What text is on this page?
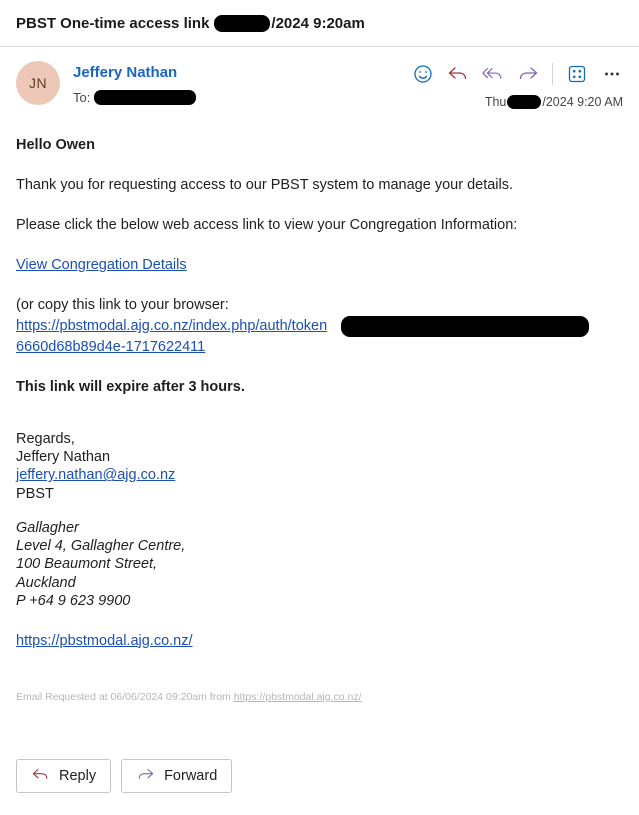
PBST One-time access link	/2024 9:20am
JN
Jeffery Nathan
To:	Thu	/2024 9:20 AM

Hello Owen

Thank you for requesting access to our PBST system to manage your details.

Please click the below web access link to view your Congregation Information:

View Congregation Details

(or copy this link to your browser:
https://pbstmodal.ajg.co.nz/index.php/auth/token
6660d68b89d4e-1717622411

This link will expire after 3 hours.

Regards,
Jeffery Nathan
jeffery.nathan@ajg.co.nz
PBST
Gallagher
Level 4, Gallagher Centre,
100 Beaumont Street,
Auckland
P +64 9 623 9900
https://pbstmodal.ajg.co.nz/
Email Requested at 06/06/2024 09:20am from https://pbstmodal.ajg.co.nz/
Reply	Forward
